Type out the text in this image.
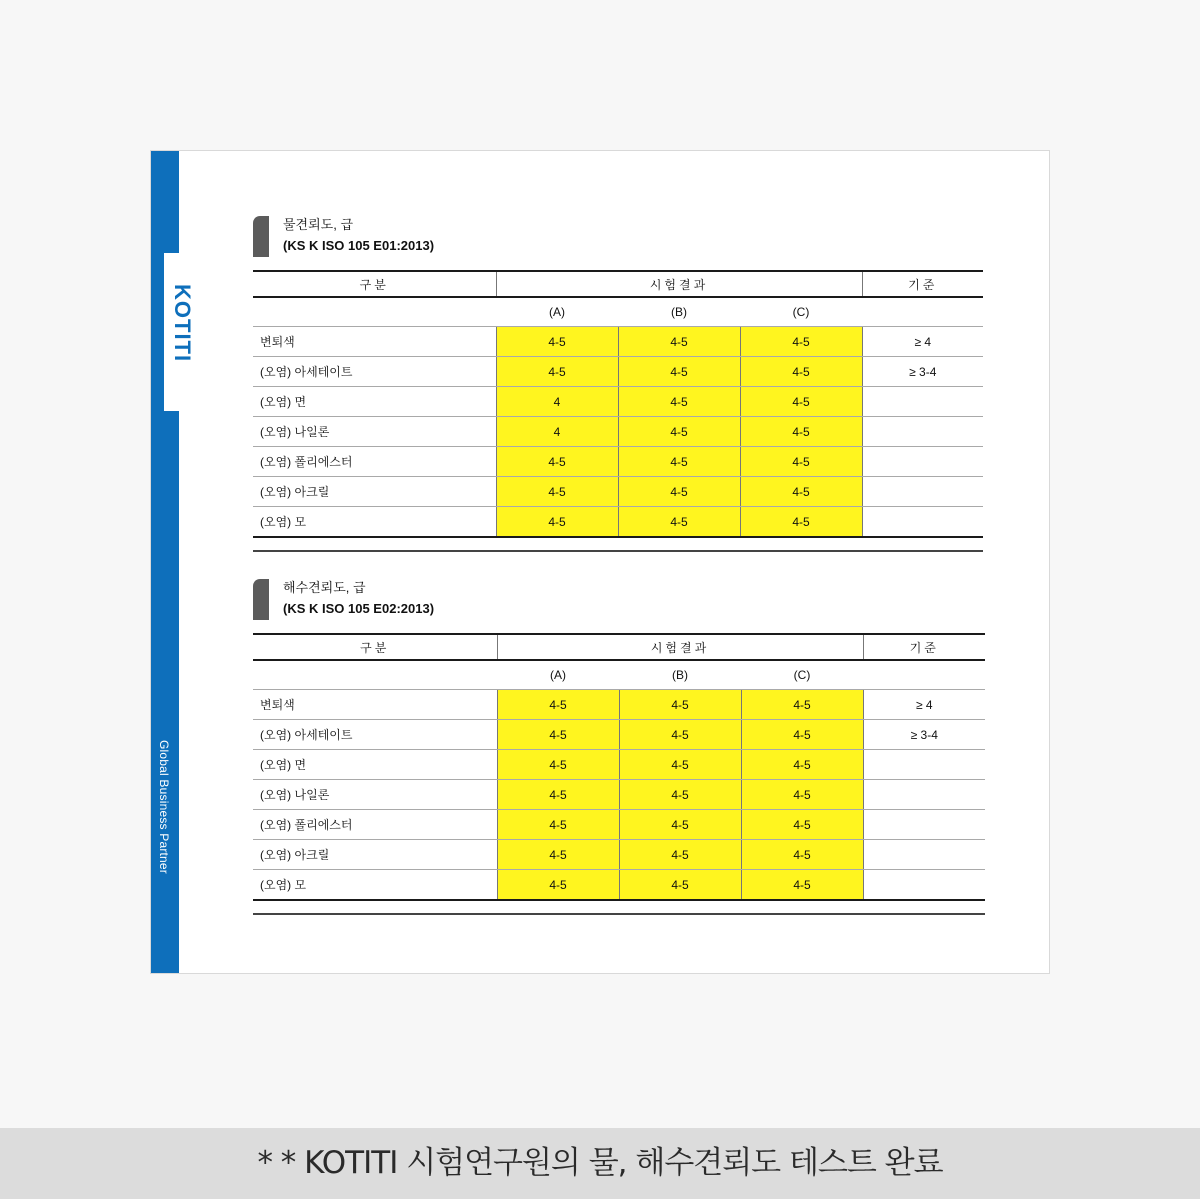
KOTITI
Global Business Partner
물견뢰도, 급
(KS K ISO 105 E01:2013)
구분	시험결과			기준
	(A)	(B)	(C)	
변퇴색	4-5	4-5	4-5	≥ 4
(오염) 아세테이트	4-5	4-5	4-5	≥ 3-4
(오염) 면	4	4-5	4-5	
(오염) 나일론	4	4-5	4-5	
(오염) 폴리에스터	4-5	4-5	4-5	
(오염) 아크릴	4-5	4-5	4-5	
(오염) 모	4-5	4-5	4-5	
해수견뢰도, 급
(KS K ISO 105 E02:2013)
구분	시험결과			기준
	(A)	(B)	(C)	
변퇴색	4-5	4-5	4-5	≥ 4
(오염) 아세테이트	4-5	4-5	4-5	≥ 3-4
(오염) 면	4-5	4-5	4-5	
(오염) 나일론	4-5	4-5	4-5	
(오염) 폴리에스터	4-5	4-5	4-5	
(오염) 아크릴	4-5	4-5	4-5	
(오염) 모	4-5	4-5	4-5	
* * KOTITI 시험연구원의 물, 해수견뢰도 테스트 완료
